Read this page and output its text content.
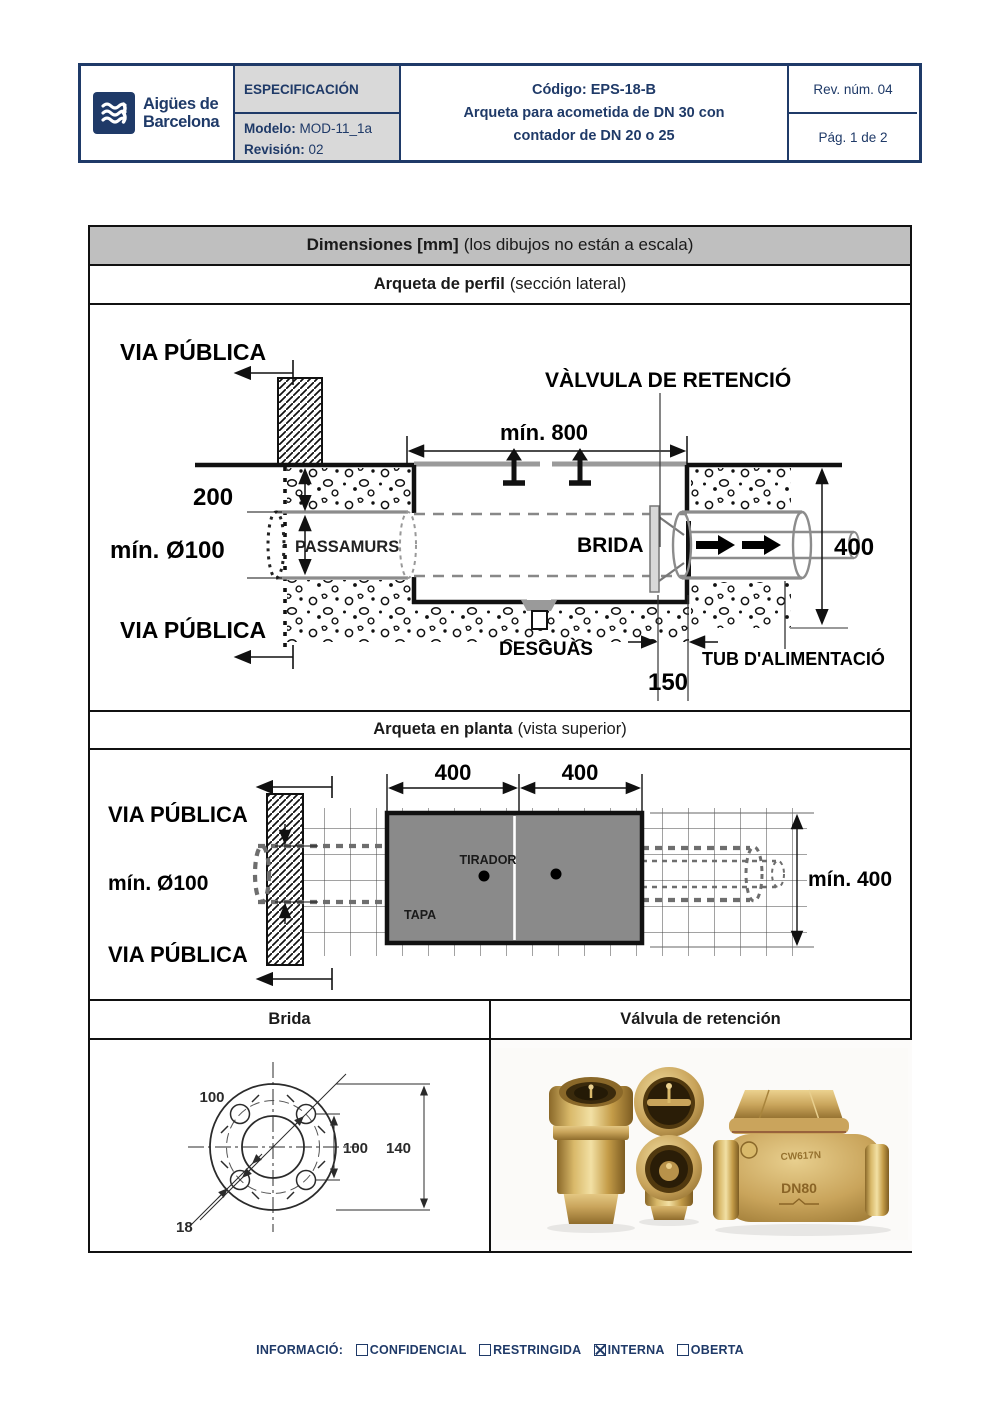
Aigües de
Barcelona
ESPECIFICACIÓN
Modelo: MOD-11_1a
Revisión: 02
Código: EPS-18-B
Arqueta para acometida de DN 30 con
contador de DN 20 o 25
Rev. núm. 04
Pág. 1 de 2
Dimensiones [mm] (los dibujos no están a escala)
Arqueta de perfil (sección lateral)
PASSAMURS
mín. 800
VÀLVULA DE RETENCIÓ
VIA PÚBLICA
200
mín. Ø100	BRIDA	400
VIA PÚBLICA
DESGUÀS
150
TUB D'ALIMENTACIÓ
Arqueta en planta (vista superior)
TIRADOR
TAPA
400	400
VIA PÚBLICA
VIA PÚBLICA
mín. Ø100	mín. 400
Brida	Válvula de retención
100
100 140
18
CW617N
DN80
INFORMACIÓ: CONFIDENCIAL RESTRINGIDA INTERNA OBERTA
